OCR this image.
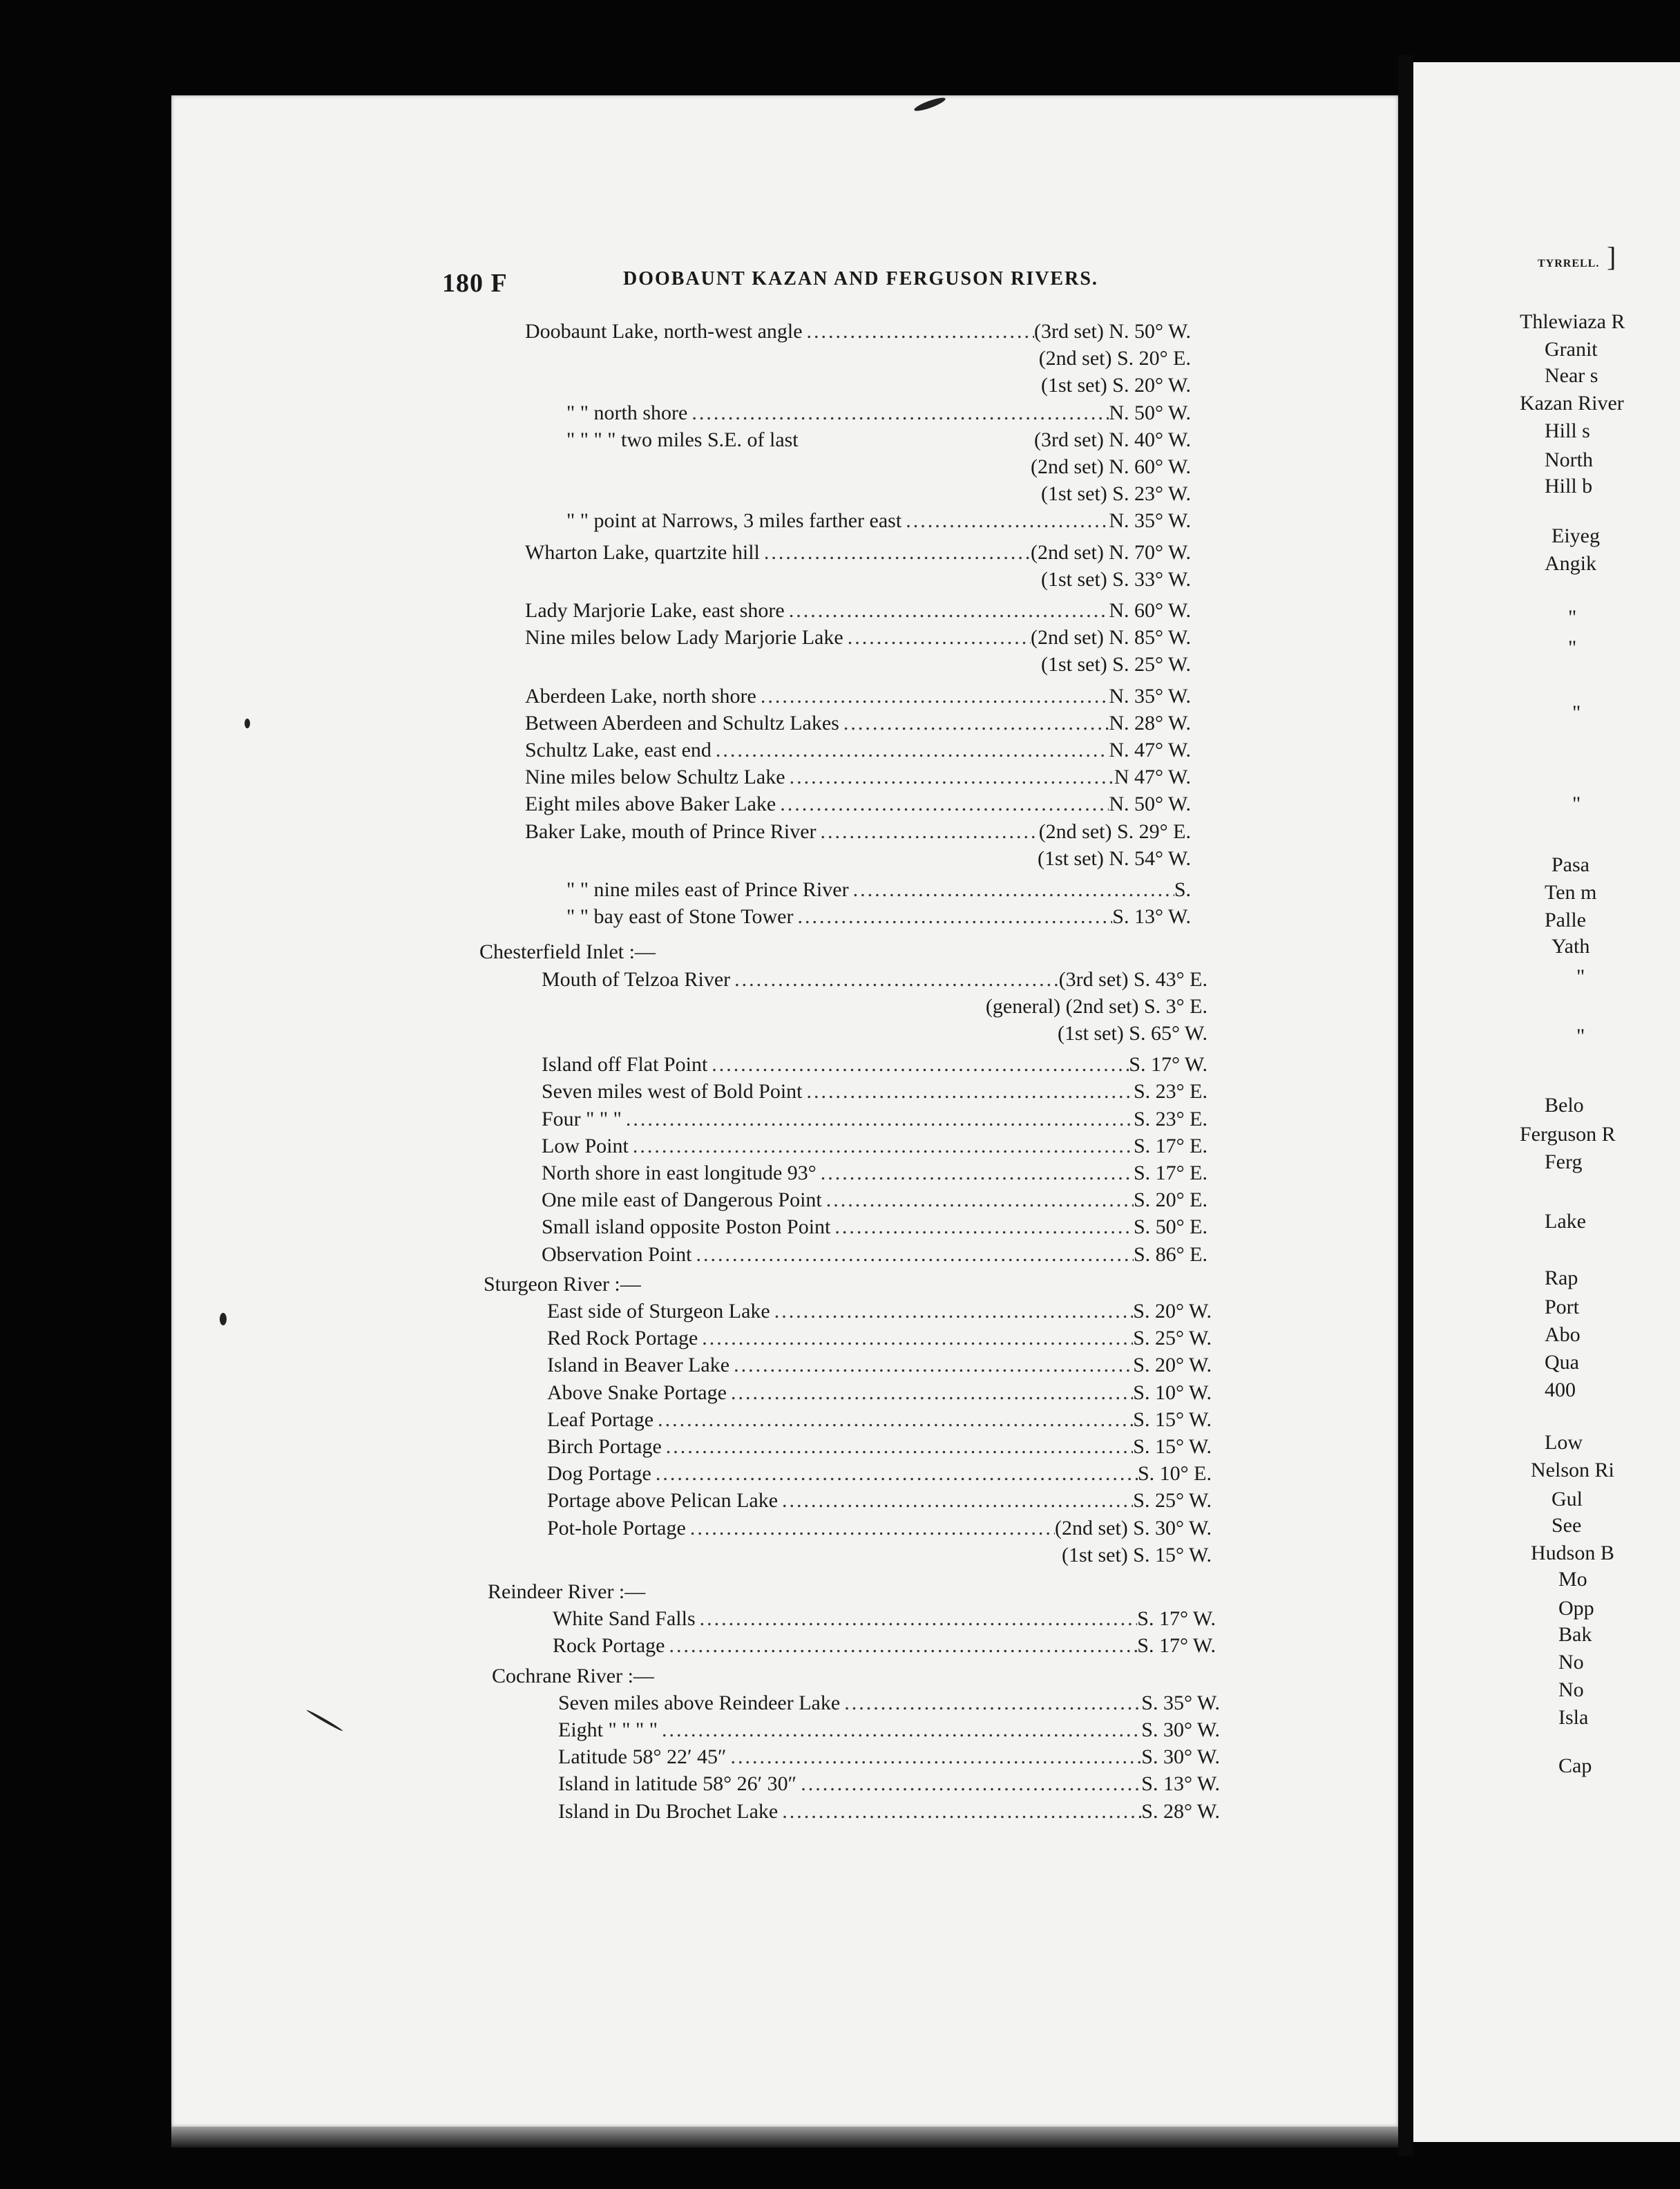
180 F	DOOBAUNT KAZAN AND FERGUSON RIVERS.
Doobaunt Lake, north-west angle .....	(3rd set) N. 50° W.
(2nd set) S. 20° E.
(1st set) S. 20° W.
" " north shore .....	N. 50° W.
" " " " two miles S.E. of last	(3rd set) N. 40° W.
(2nd set) N. 60° W.
(1st set) S. 23° W.
" " point at Narrows, 3 miles farther east .....	N. 35° W.
Wharton Lake, quartzite hill .....	(2nd set) N. 70° W.
(1st set) S. 33° W.
Lady Marjorie Lake, east shore .....	N. 60° W.
Nine miles below Lady Marjorie Lake .....	(2nd set) N. 85° W.
(1st set) S. 25° W.
Aberdeen Lake, north shore .....	N. 35° W.
Between Aberdeen and Schultz Lakes .....	N. 28° W.
Schultz Lake, east end .....	N. 47° W.
Nine miles below Schultz Lake .....	N 47° W.
Eight miles above Baker Lake .....	N. 50° W.
Baker Lake, mouth of Prince River .....	(2nd set) S. 29° E.
(1st set) N. 54° W.
" " nine miles east of Prince River .....	S.
" " bay east of Stone Tower .....	S. 13° W.
Chesterfield Inlet :—
Mouth of Telzoa River .....	(3rd set) S. 43° E.
(general) (2nd set) S. 3° E.
(1st set) S. 65° W.
Island off Flat Point .....	S. 17° W.
Seven miles west of Bold Point .....	S. 23° E.
Four " " " .....	S. 23° E.
Low Point .....	S. 17° E.
North shore in east longitude 93° .....	S. 17° E.
One mile east of Dangerous Point .....	S. 20° E.
Small island opposite Poston Point .....	S. 50° E.
Observation Point .....	S. 86° E.
Sturgeon River :—
East side of Sturgeon Lake .....	S. 20° W.
Red Rock Portage .....	S. 25° W.
Island in Beaver Lake .....	S. 20° W.
Above Snake Portage .....	S. 10° W.
Leaf Portage .....	S. 15° W.
Birch Portage .....	S. 15° W.
Dog Portage .....	S. 10° E.
Portage above Pelican Lake .....	S. 25° W.
Pot-hole Portage .....	(2nd set) S. 30° W.
(1st set) S. 15° W.
Reindeer River :—
White Sand Falls .....	S. 17° W.
Rock Portage .....	S. 17° W.
Cochrane River :—
Seven miles above Reindeer Lake .....	S. 35° W.
Eight " " " " .....	S. 30° W.
Latitude 58° 22′ 45″ .....	S. 30° W.
Island in latitude 58° 26′ 30″ .....	S. 13° W.
Island in Du Brochet Lake .....	S. 28° W.
TYRRELL. ]
Thlewiaza R
Granit
Near s
Kazan River
Hill s
North
Hill b
Eiyeg
Angik
"
"
"
"
Pasa
Ten m
Palle
Yath
"
"
Belo
Ferguson R
Ferg
Lake
Rap
Port
Abo
Qua
400
Low
Nelson Ri
Gul
See
Hudson B
Mo
Opp
Bak
No
No
Isla
Cap
